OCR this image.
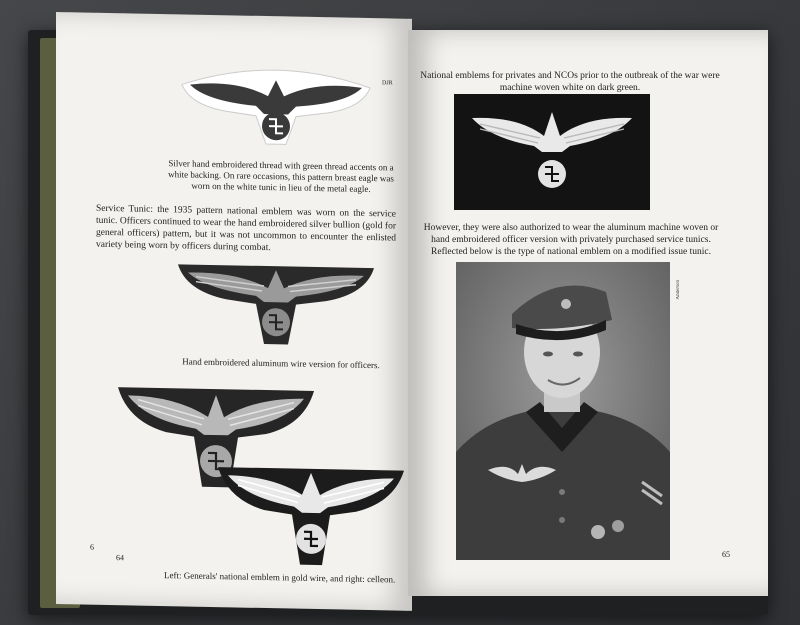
DJR
Silver hand embroidered thread with green thread accents on a white backing. On rare occasions, this pattern breast eagle was worn on the white tunic in lieu of the metal eagle.
Service Tunic: the 1935 pattern national emblem was worn on the service tunic. Officers continued to wear the hand embroidered silver bullion (gold for general officers) pattern, but it was not uncommon to encounter the enlisted variety being worn by officers during combat.
Hand embroidered aluminum wire version for officers.
Left: Generals' national emblem in gold wire, and right: celleon.
64
6
National emblems for privates and NCOs prior to the outbreak of the war were machine woven white on dark green.
However, they were also authorized to wear the aluminum machine woven or hand embroidered officer version with privately purchased service tunics. Reflected below is the type of national emblem on a modified issue tunic.
Anderson
65
